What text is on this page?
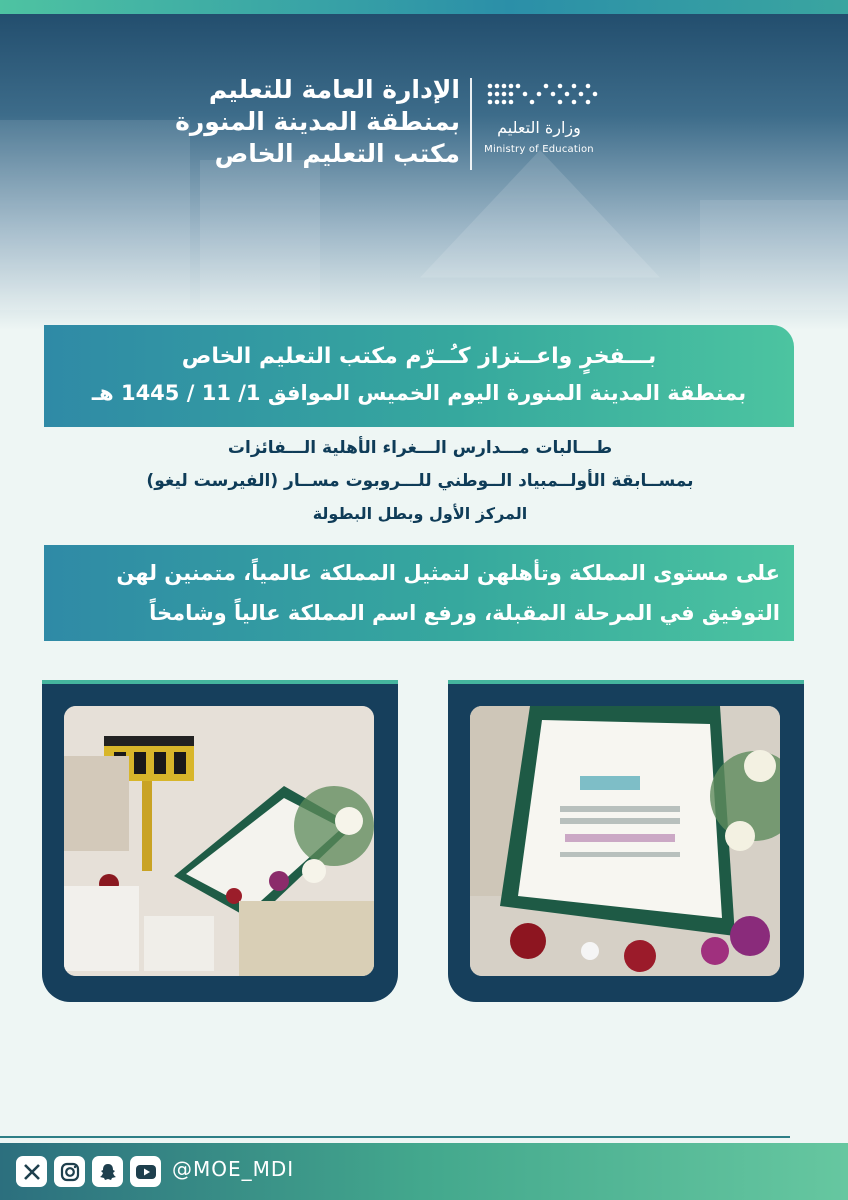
الإدارة العامة للتعليم
بمنطقة المدينة المنورة
مكتب التعليم الخاص
وزارة التعليم
Ministry of Education
بـــفخرٍ واعــتزاز كـُــرّم مكتب التعليم الخاص
بمنطقة المدينة المنورة اليوم الخميس الموافق 1/ 11 / 1445 هـ
طـــالبات مـــدارس الـــغراء الأهلية الـــفائزات
بمســابقة الأولــمبياد الــوطني للـــروبوت مســار (الفيرست ليغو)
المركز الأول وبطل البطولة
على مستوى المملكة وتأهلهن لتمثيل المملكة عالمياً، متمنين لهن
التوفيق في المرحلة المقبلة، ورفع اسم المملكة عالياً وشامخاً
@MOE_MDI
